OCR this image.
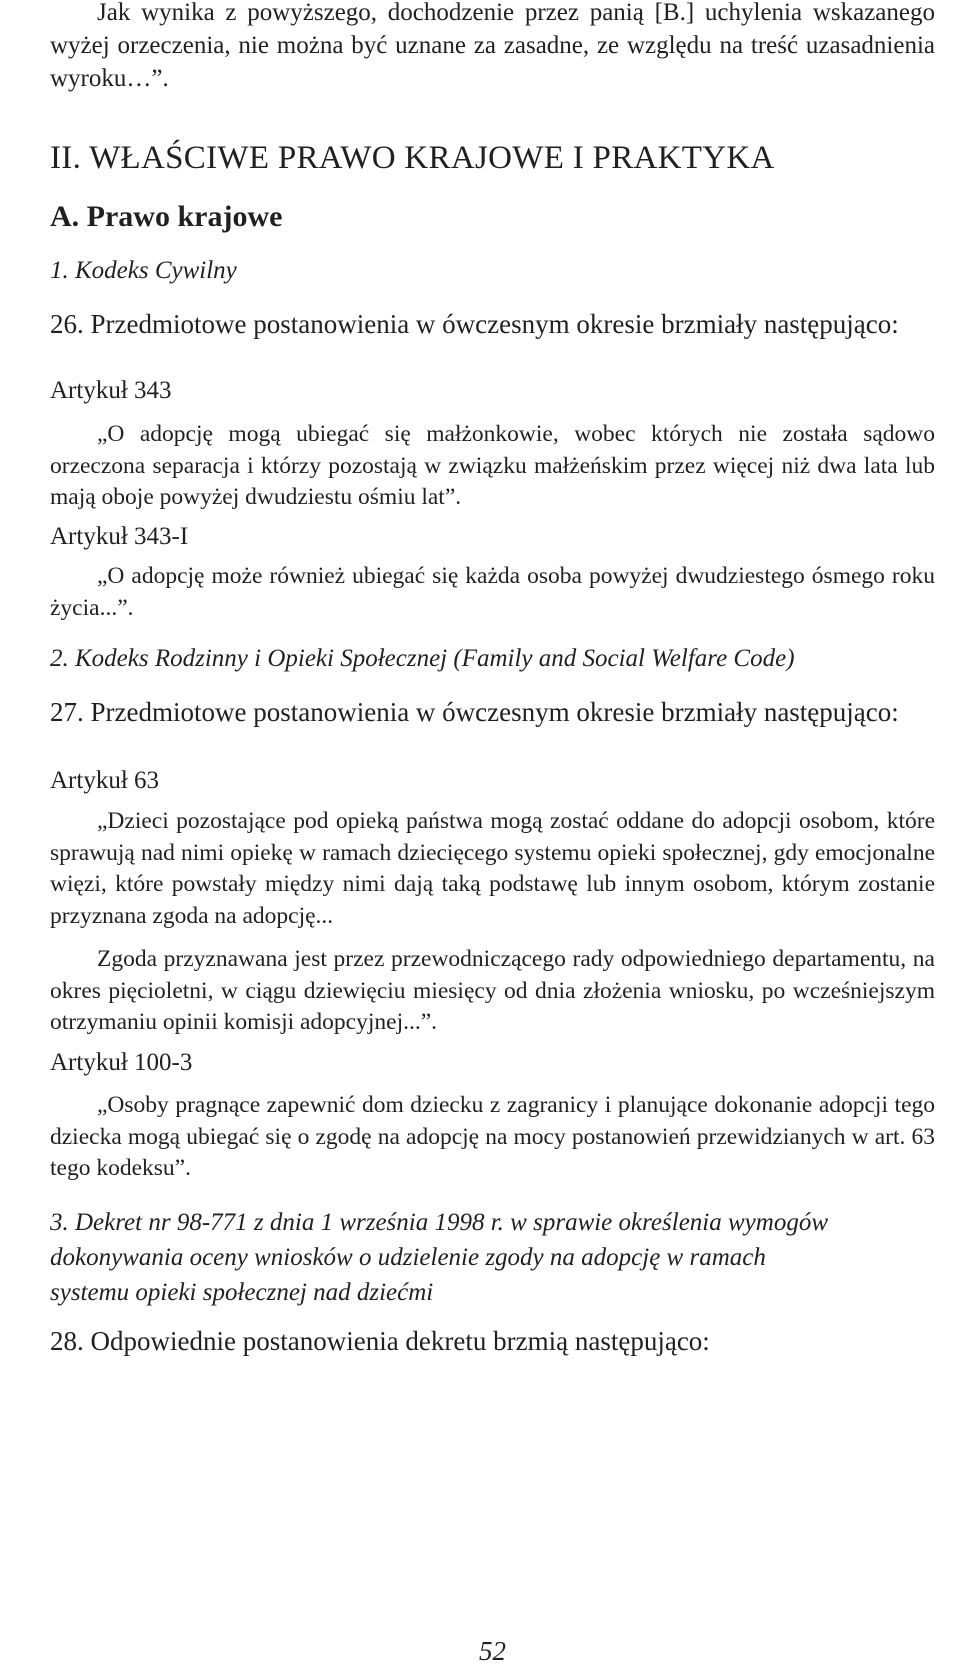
Jak wynika z powyższego, dochodzenie przez panią [B.] uchylenia wskazanego wyżej orzeczenia, nie można być uznane za zasadne, ze względu na treść uzasadnienia wyroku…”.

II. WŁAŚCIWE PRAWO KRAJOWE I PRAKTYKA
A. Prawo krajowe

1. Kodeks Cywilny

26. Przedmiotowe postanowienia w ówczesnym okresie brzmiały następująco:

Artykuł 343

„O adopcję mogą ubiegać się małżonkowie, wobec których nie została sądowo orzeczona separacja i którzy pozostają w związku małżeńskim przez więcej niż dwa lata lub mają oboje powyżej dwudziestu ośmiu lat”.

Artykuł 343-I

„O adopcję może również ubiegać się każda osoba powyżej dwudziestego ósmego roku życia...”.

2. Kodeks Rodzinny i Opieki Społecznej (Family and Social Welfare Code)

27. Przedmiotowe postanowienia w ówczesnym okresie brzmiały następująco:

Artykuł 63

„Dzieci pozostające pod opieką państwa mogą zostać oddane do adopcji osobom, które sprawują nad nimi opiekę w ramach dziecięcego systemu opieki społecznej, gdy emocjonalne więzi, które powstały między nimi dają taką podstawę lub innym osobom, którym zostanie przyznana zgoda na adopcję...

Zgoda przyznawana jest przez przewodniczącego rady odpowiedniego departamentu, na okres pięcioletni, w ciągu dziewięciu miesięcy od dnia złożenia wniosku, po wcześniejszym otrzymaniu opinii komisji adopcyjnej...”.

Artykuł 100-3

„Osoby pragnące zapewnić dom dziecku z zagranicy i planujące dokonanie adopcji tego dziecka mogą ubiegać się o zgodę na adopcję na mocy postanowień przewidzianych w art. 63 tego kodeksu”.

3. Dekret nr 98-771 z dnia 1 września 1998 r. w sprawie określenia wymogów dokonywania oceny wniosków o udzielenie zgody na adopcję w ramach systemu opieki społecznej nad dziećmi

28. Odpowiednie postanowienia dekretu brzmią następująco:

52
